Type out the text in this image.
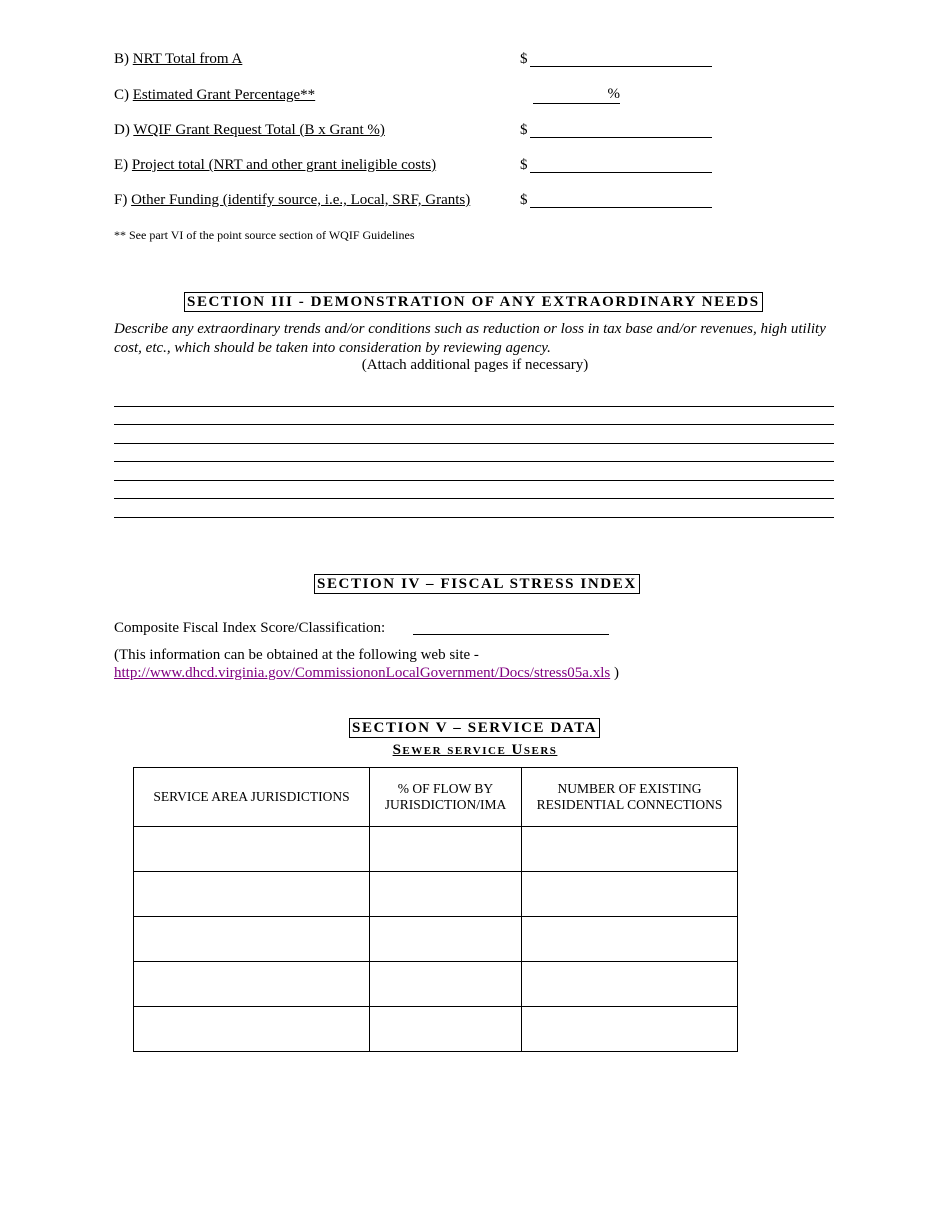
B) NRT Total from A	$
C) Estimated Grant Percentage**	%
D) WQIF Grant Request Total (B x Grant %)	$
E) Project total (NRT and other grant ineligible costs)	$
F) Other Funding (identify source, i.e., Local, SRF, Grants)	$
** See part VI of the point source section of WQIF Guidelines
SECTION III - DEMONSTRATION OF ANY EXTRAORDINARY NEEDS
Describe any extraordinary trends and/or conditions such as reduction or loss in tax base and/or revenues, high utility cost, etc., which should be taken into consideration by reviewing agency.
(Attach additional pages if necessary)
SECTION IV – FISCAL STRESS INDEX
Composite Fiscal Index Score/Classification:
(This information can be obtained at the following web site -
http://www.dhcd.virginia.gov/CommissiononLocalGovernment/Docs/stress05a.xls )
SECTION V – SERVICE DATA
Sewer service Users
SERVICE AREA JURISDICTIONS	% OF FLOW BY JURISDICTION/IMA	NUMBER OF EXISTING RESIDENTIAL CONNECTIONS
